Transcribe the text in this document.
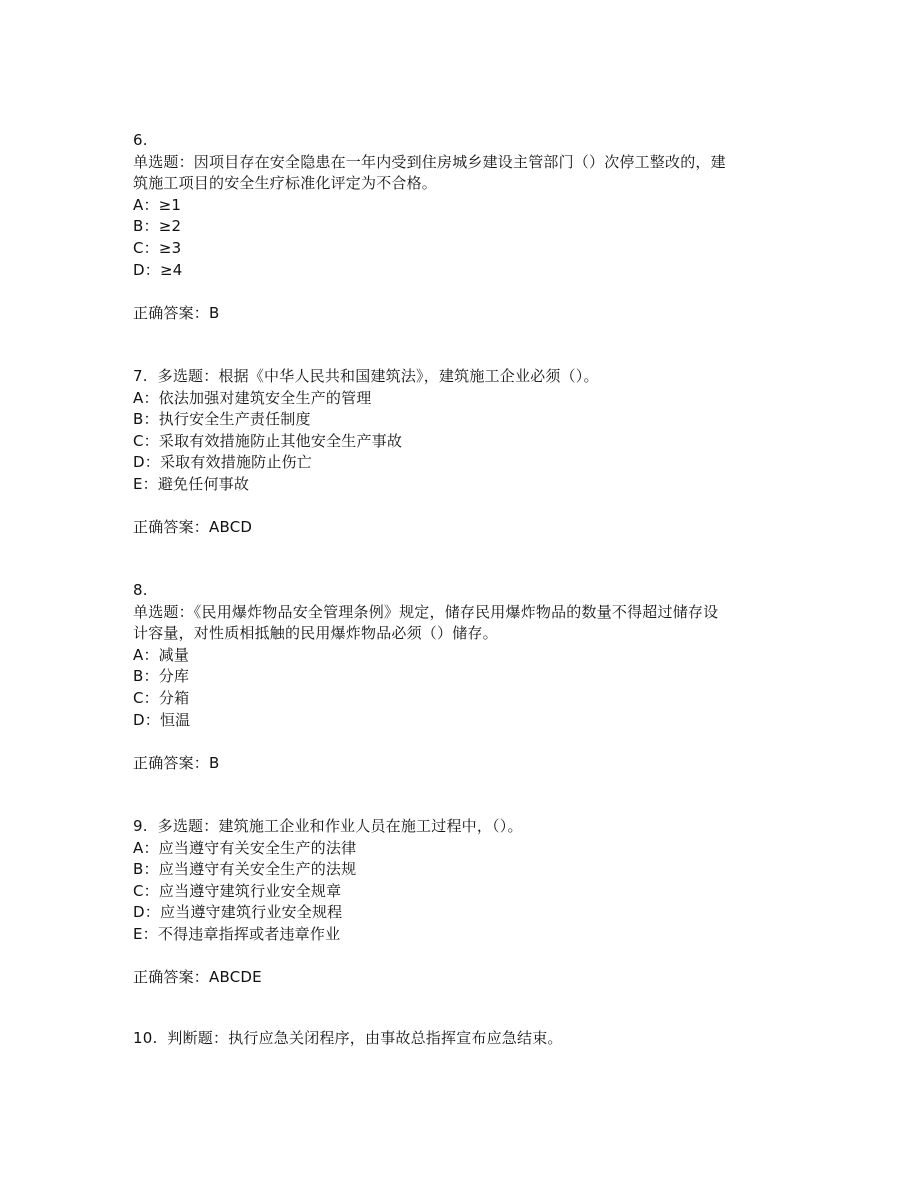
6.
单选题：因项目存在安全隐患在一年内受到住房城乡建设主管部门（）次停工整改的，建
筑施工项目的安全生疗标准化评定为不合格。
A：≥1
B：≥2
C：≥3
D：≥4
正确答案：B
7.  多选题：根据《中华人民共和国建筑法》，建筑施工企业必须（）。
A：依法加强对建筑安全生产的管理
B：执行安全生产责任制度
C：采取有效措施防止其他安全生产事故
D：采取有效措施防止伤亡
E：避免任何事故
正确答案：ABCD
8.
单选题：《民用爆炸物品安全管理条例》规定，储存民用爆炸物品的数量不得超过储存设
计容量，对性质相抵触的民用爆炸物品必须（）储存。
A：减量
B：分库
C：分箱
D：恒温
正确答案：B
9.  多选题：建筑施工企业和作业人员在施工过程中，（）。
A：应当遵守有关安全生产的法律
B：应当遵守有关安全生产的法规
C：应当遵守建筑行业安全规章
D：应当遵守建筑行业安全规程
E：不得违章指挥或者违章作业
正确答案：ABCDE
10.  判断题：执行应急关闭程序，由事故总指挥宣布应急结束。
